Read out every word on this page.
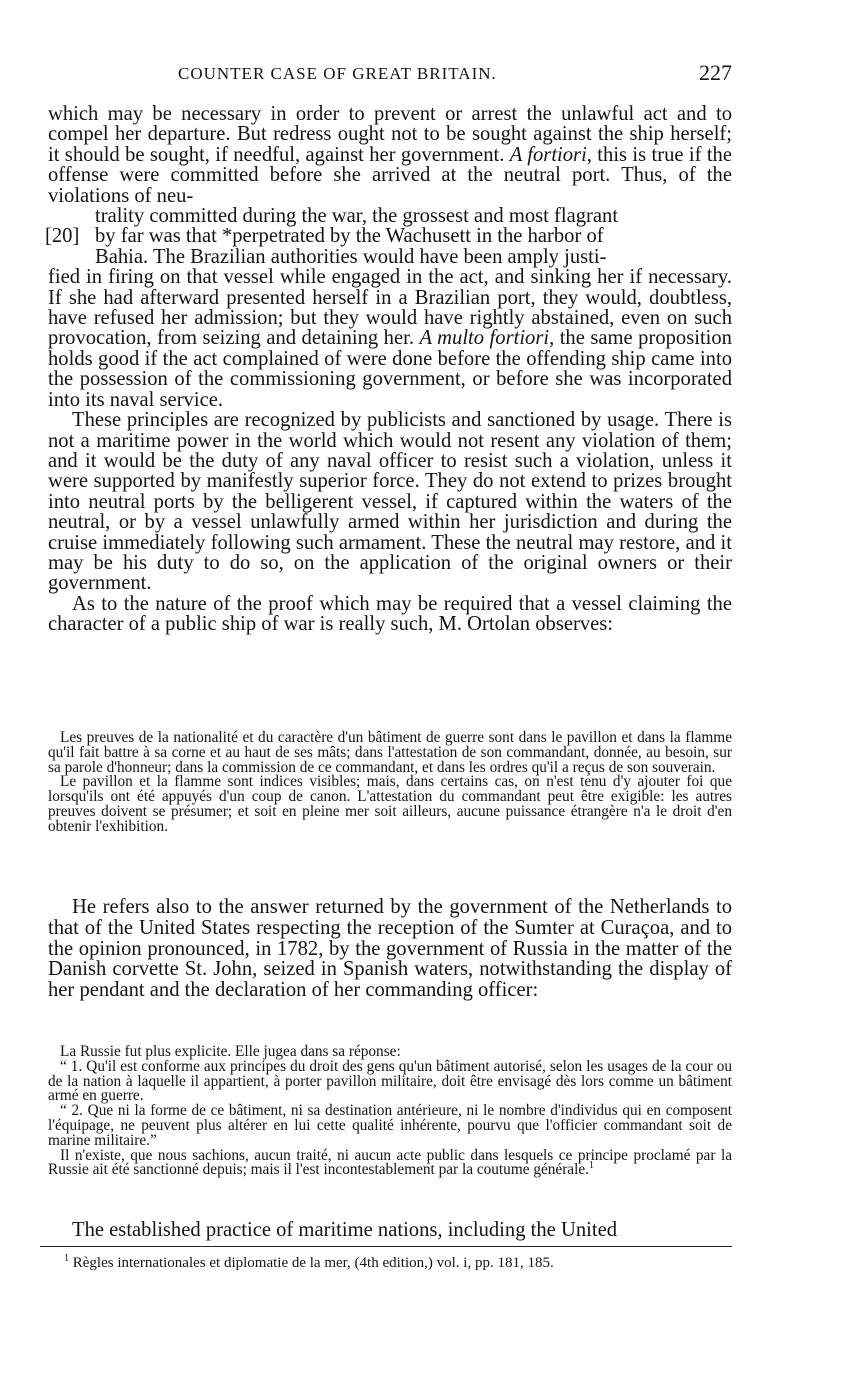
COUNTER CASE OF GREAT BRITAIN.	227

which may be necessary in order to prevent or arrest the unlawful act and to compel her departure. But redress ought not to be sought against the ship herself; it should be sought, if needful, against her government. A fortiori, this is true if the offense were committed before she arrived at the neutral port. Thus, of the violations of neu-

trality committed during the war, the grossest and most flagrant
[20] by far was that *perpetrated by the Wachusett in the harbor of
Bahia. The Brazilian authorities would have been amply justi-

fied in firing on that vessel while engaged in the act, and sinking her if necessary. If she had afterward presented herself in a Brazilian port, they would, doubtless, have refused her admission; but they would have rightly abstained, even on such provocation, from seizing and detaining her. A multo fortiori, the same proposition holds good if the act complained of were done before the offending ship came into the possession of the commissioning government, or before she was incorporated into its naval service.

These principles are recognized by publicists and sanctioned by usage. There is not a maritime power in the world which would not resent any violation of them; and it would be the duty of any naval officer to resist such a violation, unless it were supported by manifestly superior force. They do not extend to prizes brought into neutral ports by the belligerent vessel, if captured within the waters of the neutral, or by a vessel unlawfully armed within her jurisdiction and during the cruise immediately following such armament. These the neutral may restore, and it may be his duty to do so, on the application of the original owners or their government.

As to the nature of the proof which may be required that a vessel claiming the character of a public ship of war is really such, M. Ortolan observes:

Les preuves de la nationalité et du caractère d'un bâtiment de guerre sont dans le pavillon et dans la flamme qu'il fait battre à sa corne et au haut de ses mâts; dans l'attestation de son commandant, donnée, au besoin, sur sa parole d'honneur; dans la commission de ce commandant, et dans les ordres qu'il a reçus de son souverain.

Le pavillon et la flamme sont indices visibles; mais, dans certains cas, on n'est tenu d'y ajouter foi que lorsqu'ils ont été appuyés d'un coup de canon. L'attestation du commandant peut être exigible: les autres preuves doivent se présumer; et soit en pleine mer soit ailleurs, aucune puissance étrangère n'a le droit d'en obtenir l'exhibition.

He refers also to the answer returned by the government of the Netherlands to that of the United States respecting the reception of the Sumter at Curaçoa, and to the opinion pronounced, in 1782, by the government of Russia in the matter of the Danish corvette St. John, seized in Spanish waters, notwithstanding the display of her pendant and the declaration of her commanding officer:

La Russie fut plus explicite. Elle jugea dans sa réponse:

“ 1. Qu'il est conforme aux principes du droit des gens qu'un bâtiment autorisé, selon les usages de la cour ou de la nation à laquelle il appartient, à porter pavillon militaire, doit être envisagé dès lors comme un bâtiment armé en guerre.

“ 2. Que ni la forme de ce bâtiment, ni sa destination antérieure, ni le nombre d'individus qui en composent l'équipage, ne peuvent plus altérer en lui cette qualité inhérente, pourvu que l'officier commandant soit de marine militaire.”

Il n'existe, que nous sachions, aucun traité, ni aucun acte public dans lesquels ce principe proclamé par la Russie ait été sanctionné depuis; mais il l'est incontestablement par la coutume générale.$^1$

The established practice of maritime nations, including the United

$^1$ Règles internationales et diplomatie de la mer, (4th edition,) vol. i, pp. 181, 185.
